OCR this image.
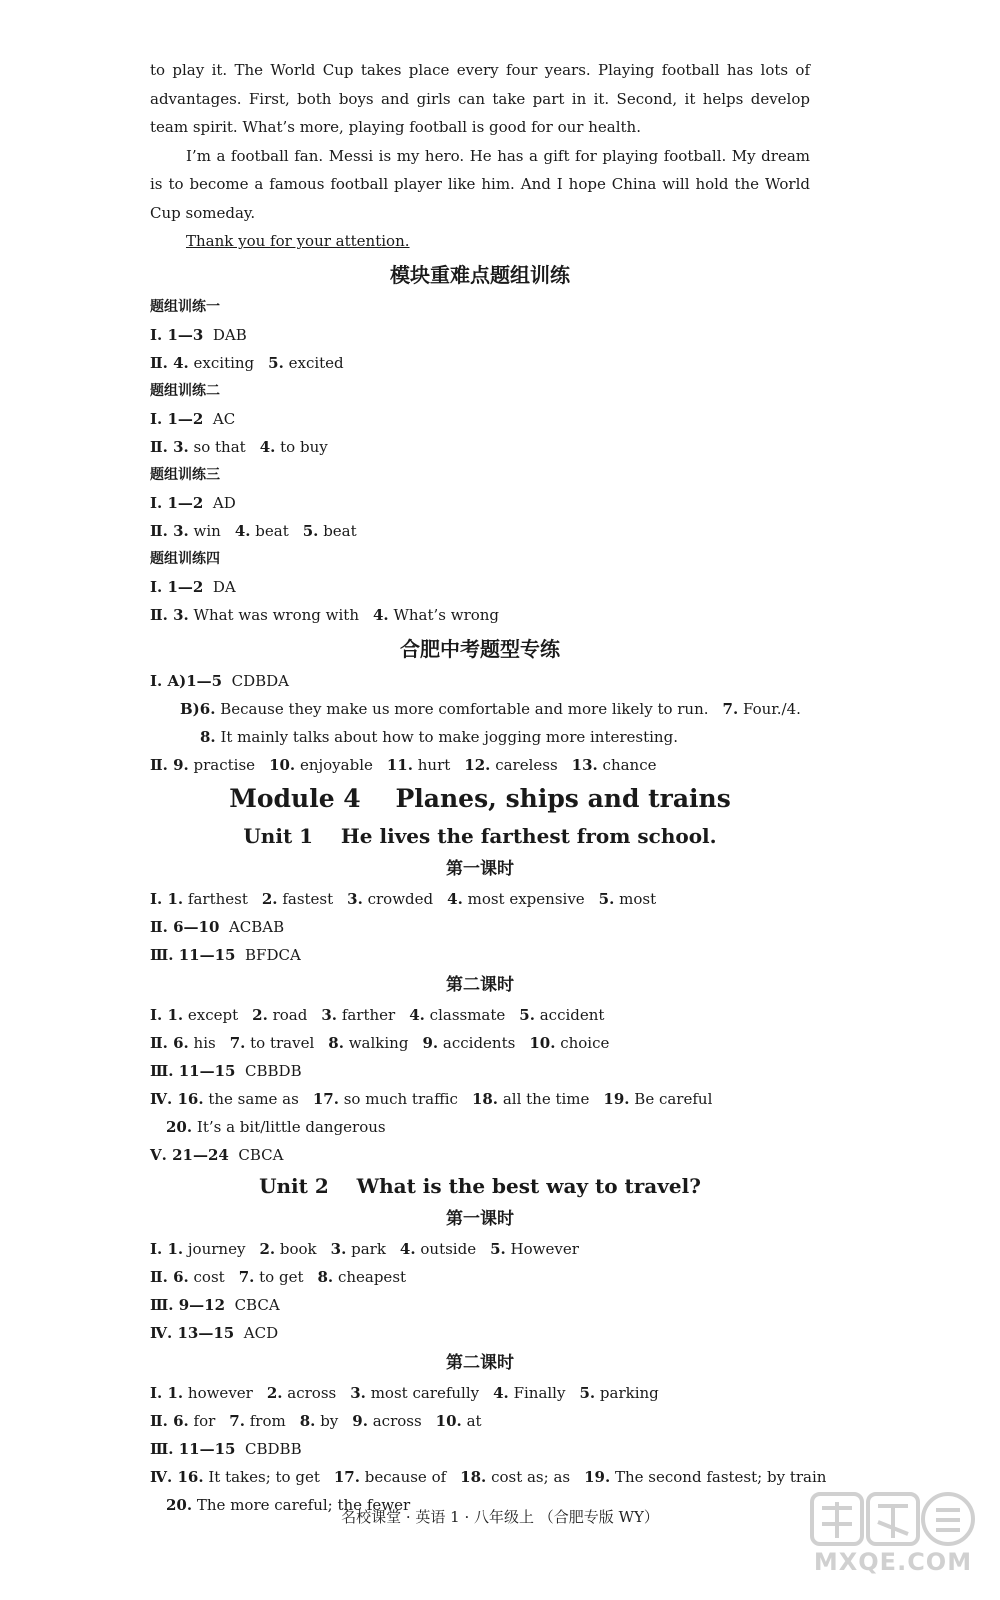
to play it. The World Cup takes place every four years. Playing football has lots of advantages. First, both boys and girls can take part in it. Second, it helps develop team spirit. What’s more, playing football is good for our health.

I’m a football fan. Messi is my hero. He has a gift for playing football. My dream is to become a famous football player like him. And I hope China will hold the World Cup someday.

Thank you for your attention.
模块重难点题组训练
题组训练一
Ⅰ. 1—3 DAB
Ⅱ. 4. exciting 5. excited
题组训练二
Ⅰ. 1—2 AC
Ⅱ. 3. so that 4. to buy
题组训练三
Ⅰ. 1—2 AD
Ⅱ. 3. win 4. beat 5. beat
题组训练四
Ⅰ. 1—2 DA
Ⅱ. 3. What was wrong with 4. What’s wrong
合肥中考题型专练
Ⅰ. A)1—5 CDBDA
B)6. Because they make us more comfortable and more likely to run. 7. Four./4.
8. It mainly talks about how to make jogging more interesting.
Ⅱ. 9. practise 10. enjoyable 11. hurt 12. careless 13. chance
Module 4    Planes, ships and trains
Unit 1    He lives the farthest from school.
第一课时
Ⅰ. 1. farthest 2. fastest 3. crowded 4. most expensive 5. most
Ⅱ. 6—10 ACBAB
Ⅲ. 11—15 BFDCA
第二课时
Ⅰ. 1. except 2. road 3. farther 4. classmate 5. accident
Ⅱ. 6. his 7. to travel 8. walking 9. accidents 10. choice
Ⅲ. 11—15 CBBDB
Ⅳ. 16. the same as 17. so much traffic 18. all the time 19. Be careful
20. It’s a bit/little dangerous
Ⅴ. 21—24 CBCA
Unit 2    What is the best way to travel?
第一课时
Ⅰ. 1. journey 2. book 3. park 4. outside 5. However
Ⅱ. 6. cost 7. to get 8. cheapest
Ⅲ. 9—12 CBCA
Ⅳ. 13—15 ACD
第二课时
Ⅰ. 1. however 2. across 3. most carefully 4. Finally 5. parking
Ⅱ. 6. for 7. from 8. by 9. across 10. at
Ⅲ. 11—15 CBDBB
Ⅳ. 16. It takes; to get 17. because of 18. cost as; as 19. The second fastest; by train
20. The more careful; the fewer
名校课堂 · 英语 1 · 八年级上 （合肥专版 WY）
MXQE.COM
